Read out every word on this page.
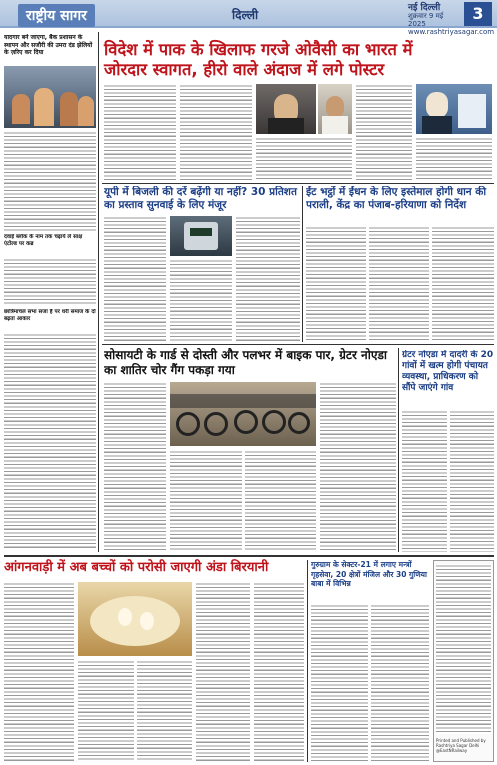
राष्ट्रीय सागर	दिल्ली	नई दिल्ली
शुक्रवार 9 मई 2025
www.rashtriyasagar.com
3
यादगार बने जाएगा, बैक प्रशासन के स्थापन और सजौरी की उमरा दंड झेलियों के ज़रिए कर दिया
दवाई ब्लॉक के नाम तक चढ़ाये ले साक्ष एंटोल्ड पर कब्र
छात्रिमाचल सभा सजा है पर धरी समाज के दो बढ़ता आकार
विदेश में पाक के खिलाफ गरजे ओवैसी का भारत में
जोरदार स्वागत, हीरो वाले अंदाज में लगे पोस्टर
यूपी में बिजली की दरें बढ़ेंगी या नहीं? 30 प्रतिशत का प्रस्ताव सुनवाई के लिए मंजूर
ईंट भट्ठों में ईंधन के लिए इस्तेमाल होगी धान की पराली, केंद्र का पंजाब-हरियाणा को निर्देश
सोसायटी के गार्ड से दोस्ती और पलभर में बाइक पार, ग्रेटर नोएडा का शातिर चोर गैंग पकड़ा गया
ग्रेटर नोएडा में दादरी के 20 गांवों में खत्म होगी पंचायत व्यवस्था, प्राधिकरण को सौंपे जाएंगे गांव
आंगनवाड़ी में अब बच्चों को परोसी जाएगी अंडा बिरयानी	गुरुग्राम के सेक्टर-21 में लगाए मन्त्रों गृहसेवा, 20 क्षेत्रों मंजिल और 30 गुणिया बाबा में विभिन्न
Printed and Published by
Rashtriya Sagar Delhi
@EastNRailway
